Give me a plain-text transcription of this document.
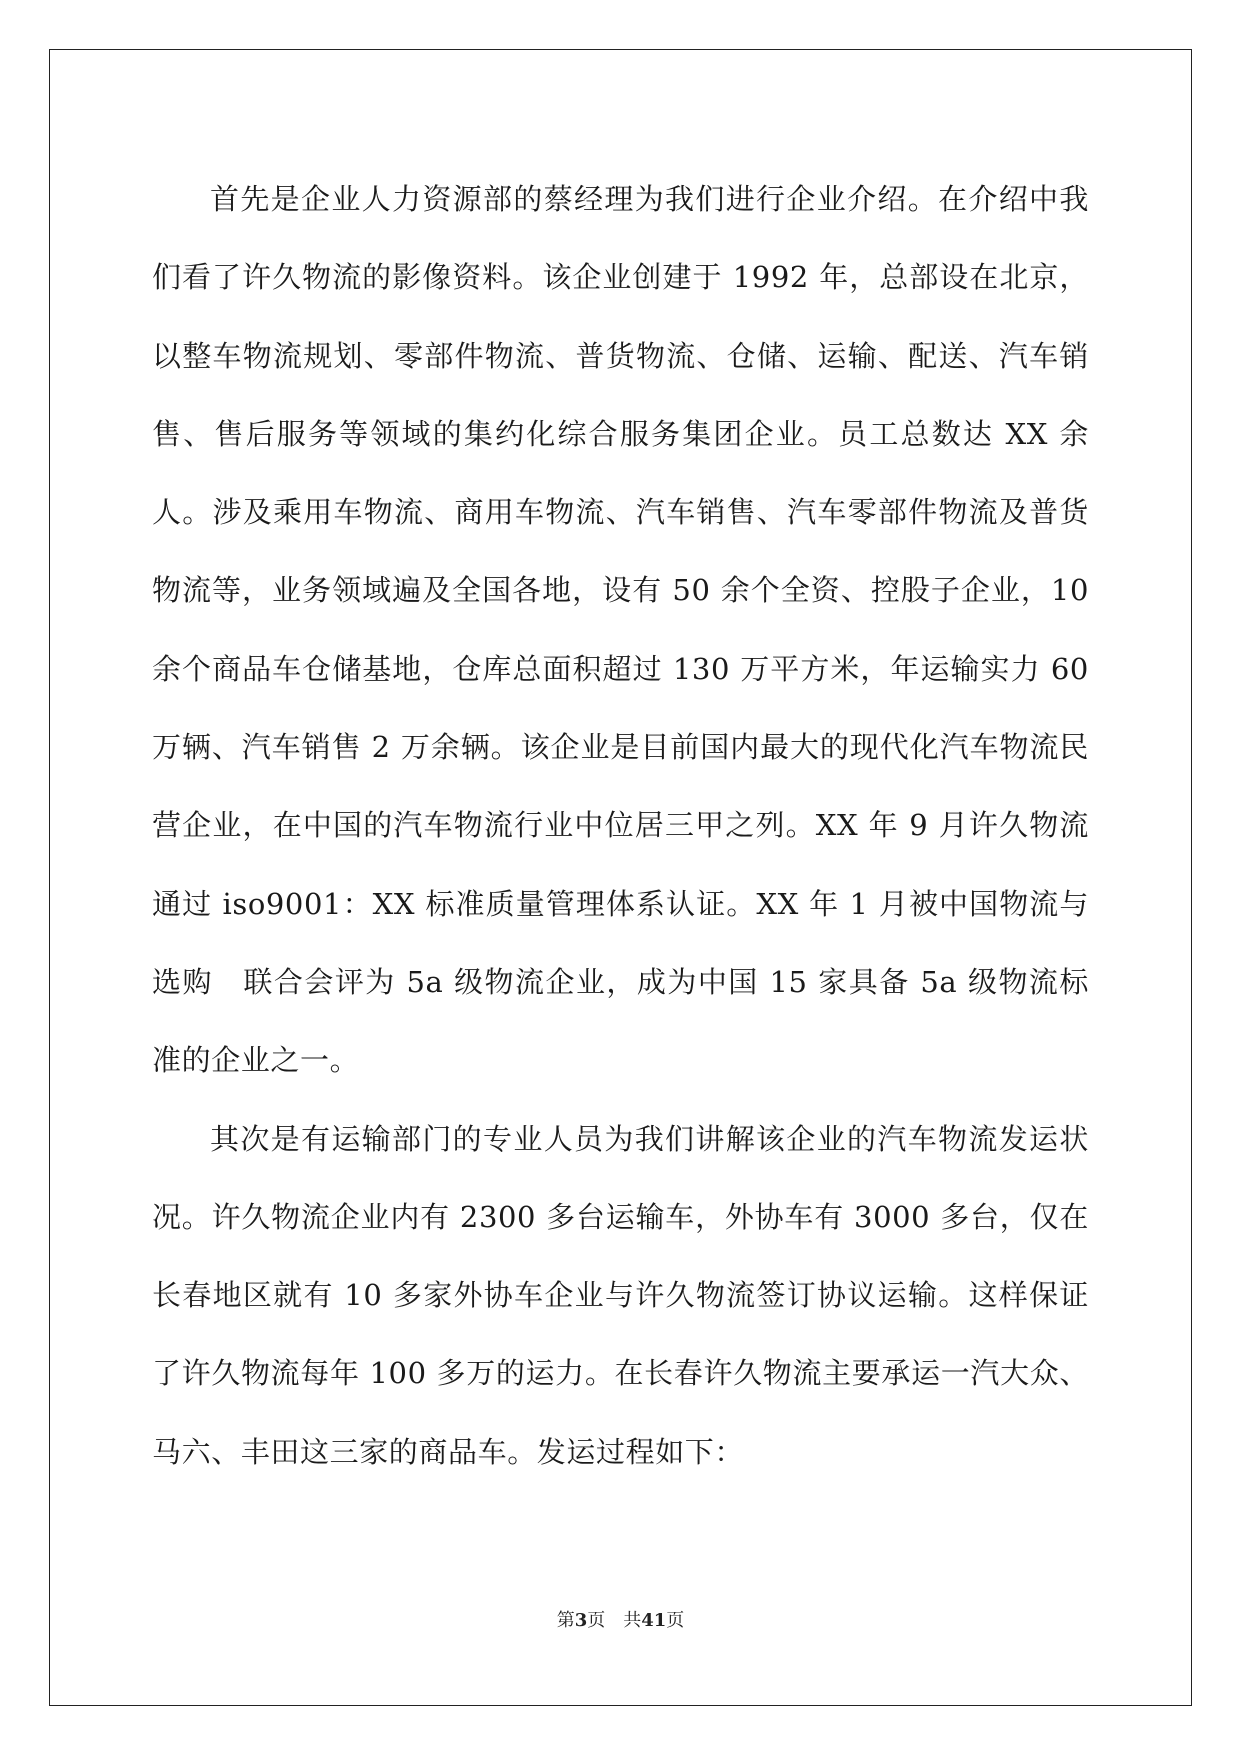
首先是企业人力资源部的蔡经理为我们进行企业介绍。在介绍中我们看了许久物流的影像资料。该企业创建于 1992 年，总部设在北京，以整车物流规划、零部件物流、普货物流、仓储、运输、配送、汽车销售、售后服务等领域的集约化综合服务集团企业。员工总数达 XX 余人。涉及乘用车物流、商用车物流、汽车销售、汽车零部件物流及普货物流等，业务领域遍及全国各地，设有 50 余个全资、控股子企业，10 余个商品车仓储基地，仓库总面积超过 130 万平方米，年运输实力 60 万辆、汽车销售 2 万余辆。该企业是目前国内最大的现代化汽车物流民营企业，在中国的汽车物流行业中位居三甲之列。XX 年 9 月许久物流通过 iso9001：XX 标准质量管理体系认证。XX 年 1 月被中国物流与选购　联合会评为 5a 级物流企业，成为中国 15 家具备 5a 级物流标准的企业之一。

其次是有运输部门的专业人员为我们讲解该企业的汽车物流发运状况。许久物流企业内有 2300 多台运输车，外协车有 3000 多台，仅在长春地区就有 10 多家外协车企业与许久物流签订协议运输。这样保证了许久物流每年 100 多万的运力。在长春许久物流主要承运一汽大众、马六、丰田这三家的商品车。发运过程如下：

第3页 共41页
